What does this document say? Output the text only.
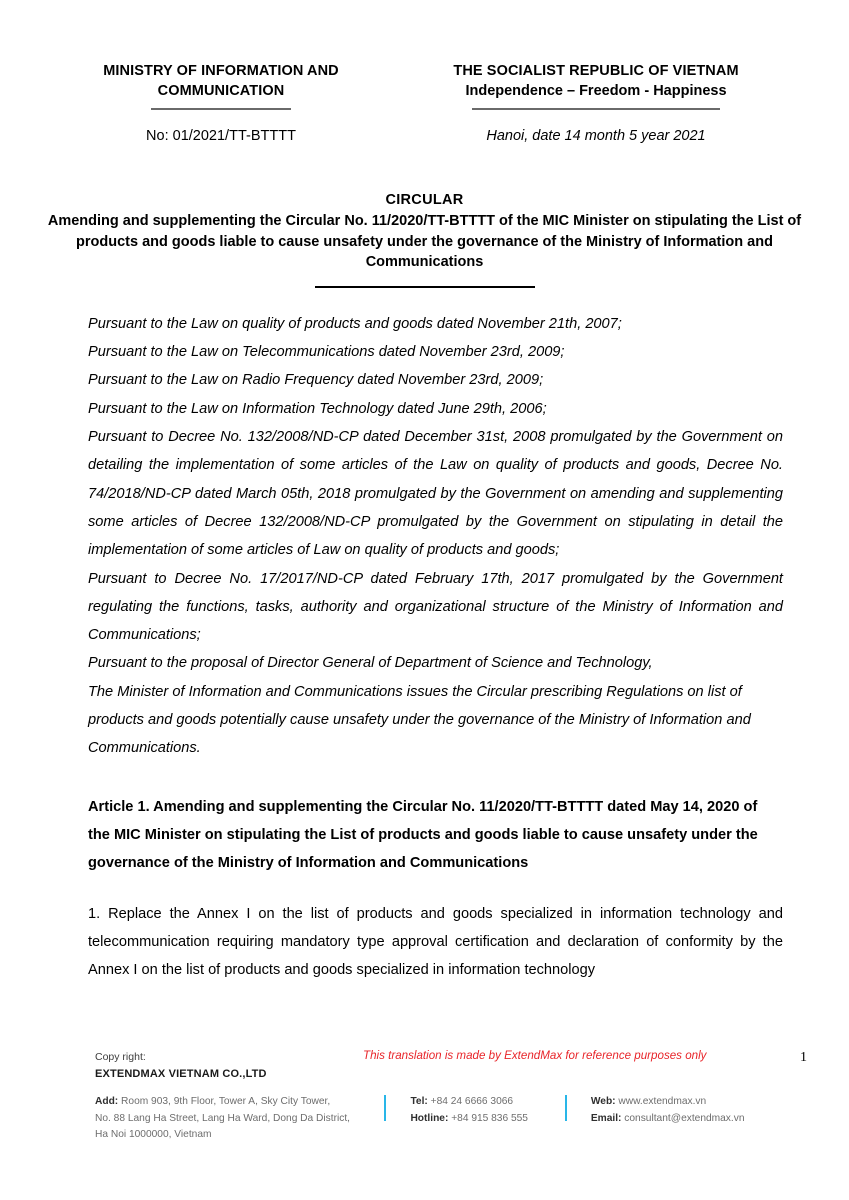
MINISTRY OF INFORMATION AND COMMUNICATION
No: 01/2021/TT-BTTTT
THE SOCIALIST REPUBLIC OF VIETNAM
Independence – Freedom - Happiness
Hanoi, date 14 month 5 year 2021
CIRCULAR
Amending and supplementing the Circular No. 11/2020/TT-BTTTT of the MIC Minister on stipulating the List of products and goods liable to cause unsafety under the governance of the Ministry of Information and Communications

Pursuant to the Law on quality of products and goods dated November 21th, 2007;

Pursuant to the Law on Telecommunications dated November 23rd, 2009;

Pursuant to the Law on Radio Frequency dated November 23rd, 2009;

Pursuant to the Law on Information Technology dated June 29th, 2006;

Pursuant to Decree No. 132/2008/ND-CP dated December 31st, 2008 promulgated by the Government on detailing the implementation of some articles of the Law on quality of products and goods, Decree No. 74/2018/ND-CP dated March 05th, 2018 promulgated by the Government on amending and supplementing some articles of Decree 132/2008/ND-CP promulgated by the Government on stipulating in detail the implementation of some articles of Law on quality of products and goods;

Pursuant to Decree No. 17/2017/ND-CP dated February 17th, 2017 promulgated by the Government regulating the functions, tasks, authority and organizational structure of the Ministry of Information and Communications;

Pursuant to the proposal of Director General of Department of Science and Technology,

The Minister of Information and Communications issues the Circular prescribing Regulations on list of products and goods potentially cause unsafety under the governance of the Ministry of Information and Communications.

Article 1. Amending and supplementing the Circular No. 11/2020/TT-BTTTT dated May 14, 2020 of the MIC Minister on stipulating the List of products and goods liable to cause unsafety under the governance of the Ministry of Information and Communications

1. Replace the Annex I on the list of products and goods specialized in information technology and telecommunication requiring mandatory type approval certification and declaration of conformity by the Annex I on the list of products and goods specialized in information technology

Copy right:
EXTENDMAX VIETNAM CO.,LTD
This translation is made by ExtendMax for reference purposes only	1
Add: Room 903, 9th Floor, Tower A, Sky City Tower,
No. 88 Lang Ha Street, Lang Ha Ward, Dong Da District,
Ha Noi 1000000, Vietnam
Tel: +84 24 6666 3066
Hotline: +84 915 836 555
Web: www.extendmax.vn
Email: consultant@extendmax.vn
